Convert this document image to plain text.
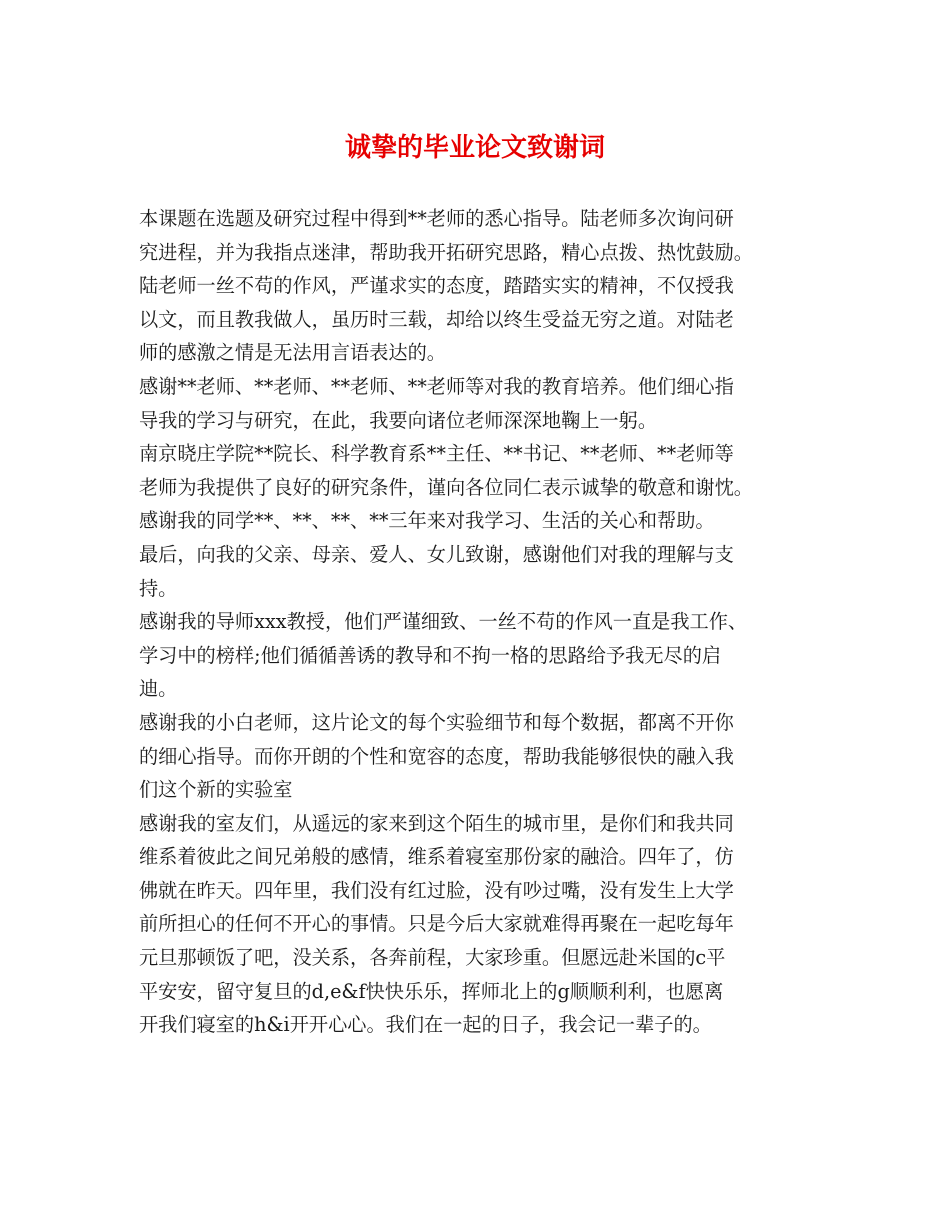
诚挚的毕业论文致谢词
本课题在选题及研究过程中得到**老师的悉心指导。陆老师多次询问研
究进程，并为我指点迷津，帮助我开拓研究思路，精心点拨、热忱鼓励。
陆老师一丝不苟的作风，严谨求实的态度，踏踏实实的精神，不仅授我
以文，而且教我做人，虽历时三载，却给以终生受益无穷之道。对陆老
师的感激之情是无法用言语表达的。
感谢**老师、**老师、**老师、**老师等对我的教育培养。他们细心指
导我的学习与研究，在此，我要向诸位老师深深地鞠上一躬。
南京晓庄学院**院长、科学教育系**主任、**书记、**老师、**老师等
老师为我提供了良好的研究条件，谨向各位同仁表示诚挚的敬意和谢忱。
感谢我的同学**、**、**、**三年来对我学习、生活的关心和帮助。
最后，向我的父亲、母亲、爱人、女儿致谢，感谢他们对我的理解与支
持。
感谢我的导师xxx教授，他们严谨细致、一丝不苟的作风一直是我工作、
学习中的榜样;他们循循善诱的教导和不拘一格的思路给予我无尽的启
迪。
感谢我的小白老师，这片论文的每个实验细节和每个数据，都离不开你
的细心指导。而你开朗的个性和宽容的态度，帮助我能够很快的融入我
们这个新的实验室
感谢我的室友们，从遥远的家来到这个陌生的城市里，是你们和我共同
维系着彼此之间兄弟般的感情，维系着寝室那份家的融洽。四年了，仿
佛就在昨天。四年里，我们没有红过脸，没有吵过嘴，没有发生上大学
前所担心的任何不开心的事情。只是今后大家就难得再聚在一起吃每年
元旦那顿饭了吧，没关系，各奔前程，大家珍重。但愿远赴米国的c平
平安安，留守复旦的d,e&f快快乐乐，挥师北上的g顺顺利利，也愿离
开我们寝室的h&i开开心心。我们在一起的日子，我会记一辈子的。
